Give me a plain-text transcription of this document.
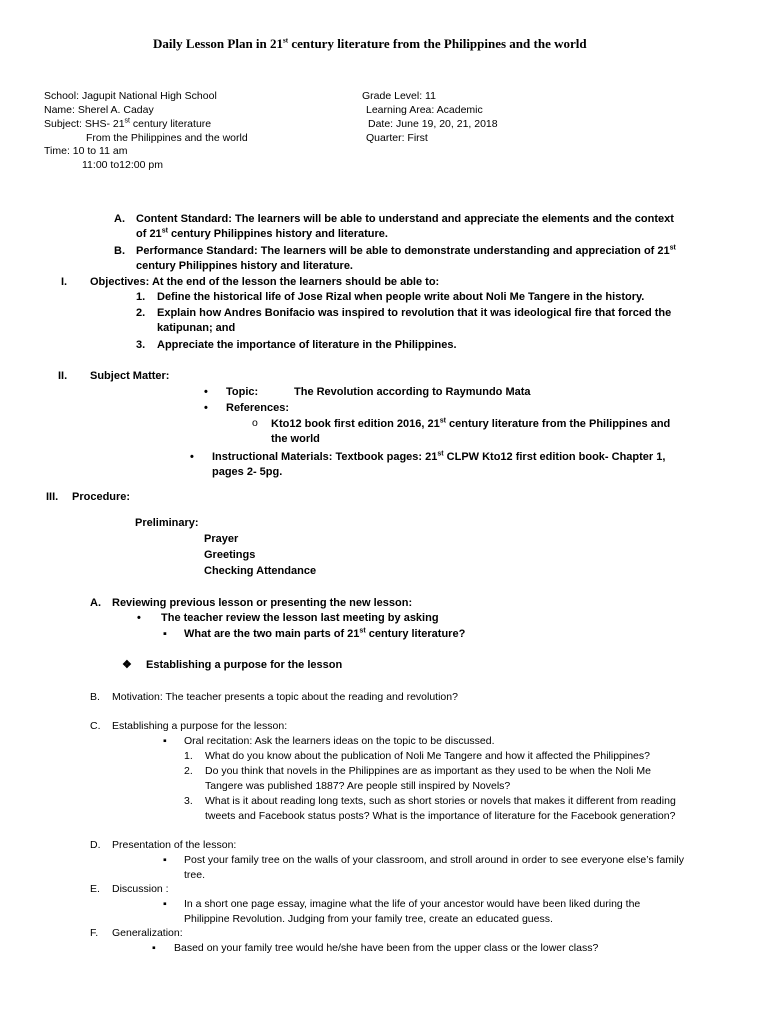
Daily Lesson Plan in 21st century literature from the Philippines and the world
School: Jagupit National High School
Name: Sherel A. Caday
Subject: SHS- 21st century literature
From the Philippines and the world
Time: 10 to 11 am
11:00 to12:00 pm
Grade Level: 11
Learning Area: Academic
Date: June 19, 20, 21, 2018
Quarter: First
A. Content Standard: The learners will be able to understand and appreciate the elements and the context
of 21st century Philippines history and literature.
B. Performance Standard: The learners will be able to demonstrate understanding and appreciation of 21st
century Philippines history and literature.
I. Objectives: At the end of the lesson the learners should be able to:
1. Define the historical life of Jose Rizal when people write about Noli Me Tangere in the history.
2. Explain how Andres Bonifacio was inspired to revolution that it was ideological fire that forced the
katipunan; and
3. Appreciate the importance of literature in the Philippines.
II. Subject Matter:
• Topic:	The Revolution according to Raymundo Mata
• References:
o Kto12 book first edition 2016, 21st century literature from the Philippines and
the world
• Instructional Materials: Textbook pages: 21st CLPW Kto12 first edition book- Chapter 1,
pages 2- 5pg.
III. Procedure:
Preliminary:
Prayer
Greetings
Checking Attendance
A. Reviewing previous lesson or presenting the new lesson:
• The teacher review the lesson last meeting by asking
▪ What are the two main parts of 21st century literature?
❖ Establishing a purpose for the lesson
B. Motivation: The teacher presents a topic about the reading and revolution?
C. Establishing a purpose for the lesson:
▪ Oral recitation: Ask the learners ideas on the topic to be discussed.
1. What do you know about the publication of Noli Me Tangere and how it affected the Philippines?
2. Do you think that novels in the Philippines are as important as they used to be when the Noli Me
Tangere was published 1887? Are people still inspired by Novels?
3. What is it about reading long texts, such as short stories or novels that makes it different from reading
tweets and Facebook status posts? What is the importance of literature for the Facebook generation?
D. Presentation of the lesson:
▪ Post your family tree on the walls of your classroom, and stroll around in order to see everyone else’s family
tree.
E. Discussion :
▪ In a short one page essay, imagine what the life of your ancestor would have been liked during the
Philippine Revolution. Judging from your family tree, create an educated guess.
F. Generalization:
▪ Based on your family tree would he/she have been from the upper class or the lower class?
